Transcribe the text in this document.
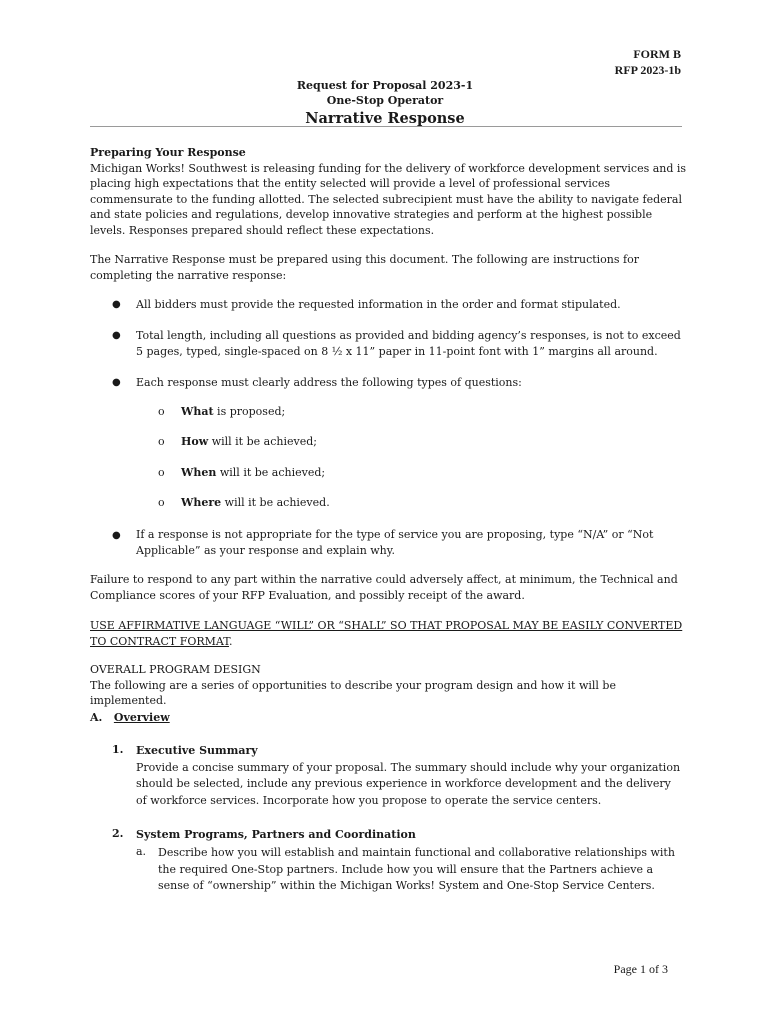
FORM B
RFP 2023-1b
Request for Proposal 2023-1
One-Stop Operator
Narrative Response
Preparing Your Response
Michigan Works! Southwest is releasing funding for the delivery of workforce development services and is placing high expectations that the entity selected will provide a level of professional services commensurate to the funding allotted. The selected subrecipient must have the ability to navigate federal and state policies and regulations, develop innovative strategies and perform at the highest possible levels. Responses prepared should reflect these expectations.
The Narrative Response must be prepared using this document. The following are instructions for completing the narrative response:
● All bidders must provide the requested information in the order and format stipulated.
● Total length, including all questions as provided and bidding agency’s responses, is not to exceed 5 pages, typed, single-spaced on 8 ½ x 11” paper in 11-point font with 1” margins all around.
● Each response must clearly address the following types of questions:
o What is proposed;
o How will it be achieved;
o When will it be achieved;
o Where will it be achieved.
● If a response is not appropriate for the type of service you are proposing, type “N/A” or “Not Applicable” as your response and explain why.
Failure to respond to any part within the narrative could adversely affect, at minimum, the Technical and Compliance scores of your RFP Evaluation, and possibly receipt of the award.
USE AFFIRMATIVE LANGUAGE “WILL” OR “SHALL” SO THAT PROPOSAL MAY BE EASILY CONVERTED TO CONTRACT FORMAT.
OVERALL PROGRAM DESIGN
The following are a series of opportunities to describe your program design and how it will be implemented.
A. Overview
1. Executive Summary
Provide a concise summary of your proposal. The summary should include why your organization should be selected, include any previous experience in workforce development and the delivery of workforce services. Incorporate how you propose to operate the service centers.
2. System Programs, Partners and Coordination
a. Describe how you will establish and maintain functional and collaborative relationships with the required One-Stop partners. Include how you will ensure that the Partners achieve a sense of “ownership” within the Michigan Works! System and One-Stop Service Centers.
Page 1 of 3
